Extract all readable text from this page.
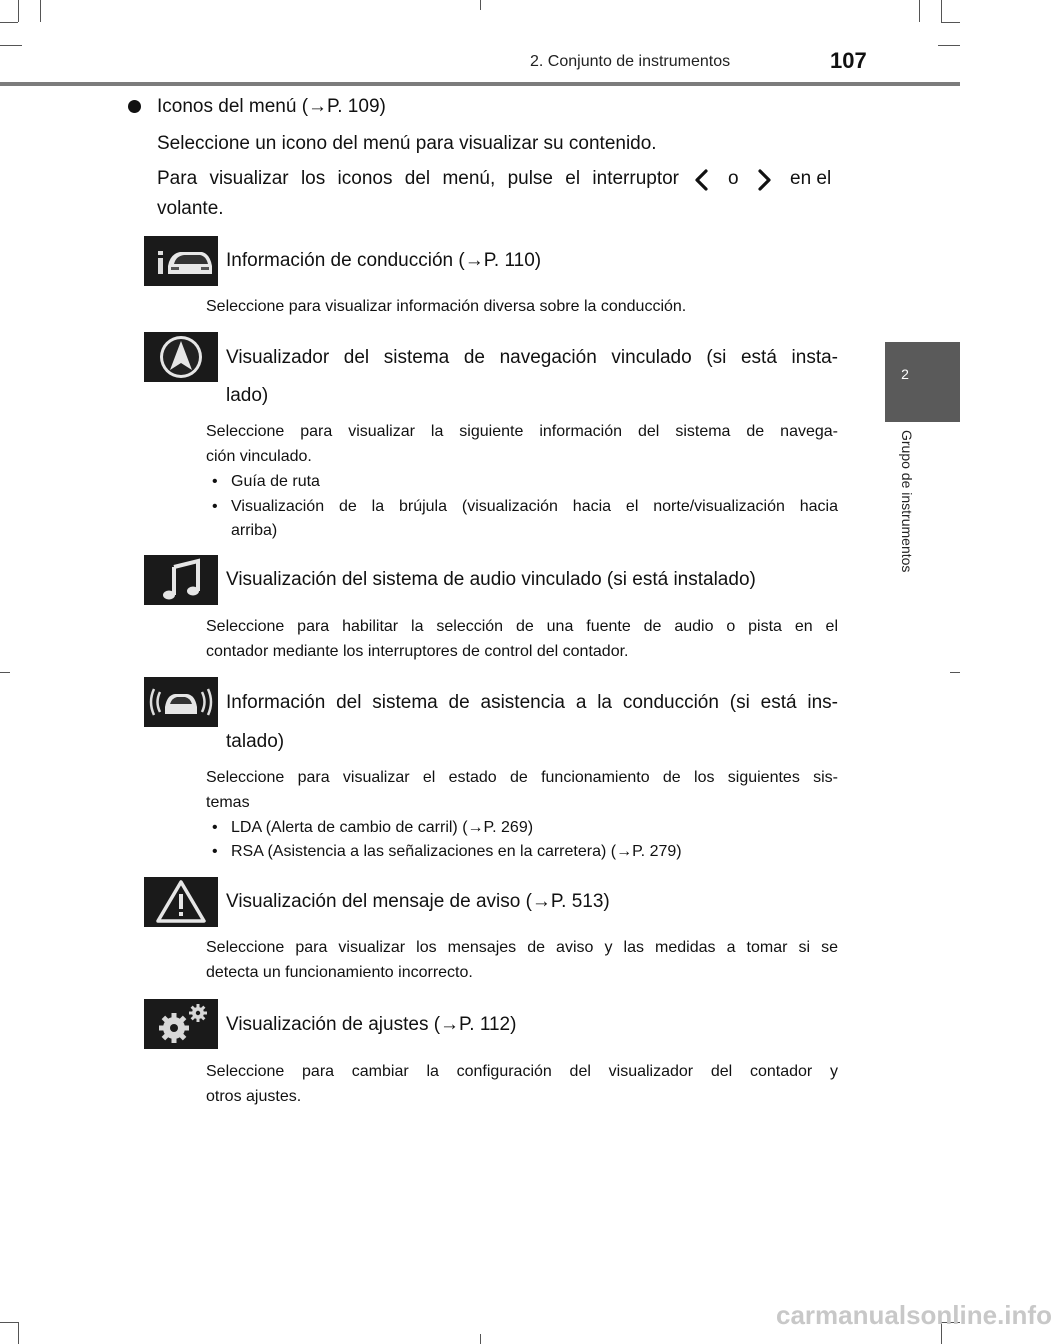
2. Conjunto de instrumentos	107
2
Grupo de instrumentos
Iconos del menú (→P. 109)
Seleccione un icono del menú para visualizar su contenido.
Para visualizar los iconos del menú, pulse el interruptor	o	en el
volante.
Información de conducción (→P. 110)
Seleccione para visualizar información diversa sobre la conducción.
Visualizador del sistema de navegación vinculado (si está insta-
lado)
Seleccione para visualizar la siguiente información del sistema de navega-
ción vinculado.
• Guía de ruta
• Visualización de la brújula (visualización hacia el norte/visualización hacia
arriba)
Visualización del sistema de audio vinculado (si está instalado)
Seleccione para habilitar la selección de una fuente de audio o pista en el
contador mediante los interruptores de control del contador.
Información del sistema de asistencia a la conducción (si está ins-
talado)
Seleccione para visualizar el estado de funcionamiento de los siguientes sis-
temas
• LDA (Alerta de cambio de carril) (→P. 269)
• RSA (Asistencia a las señalizaciones en la carretera) (→P. 279)
Visualización del mensaje de aviso (→P. 513)
Seleccione para visualizar los mensajes de aviso y las medidas a tomar si se
detecta un funcionamiento incorrecto.
Visualización de ajustes (→P. 112)
Seleccione para cambiar la configuración del visualizador del contador y
otros ajustes.
carmanualsonline.info
